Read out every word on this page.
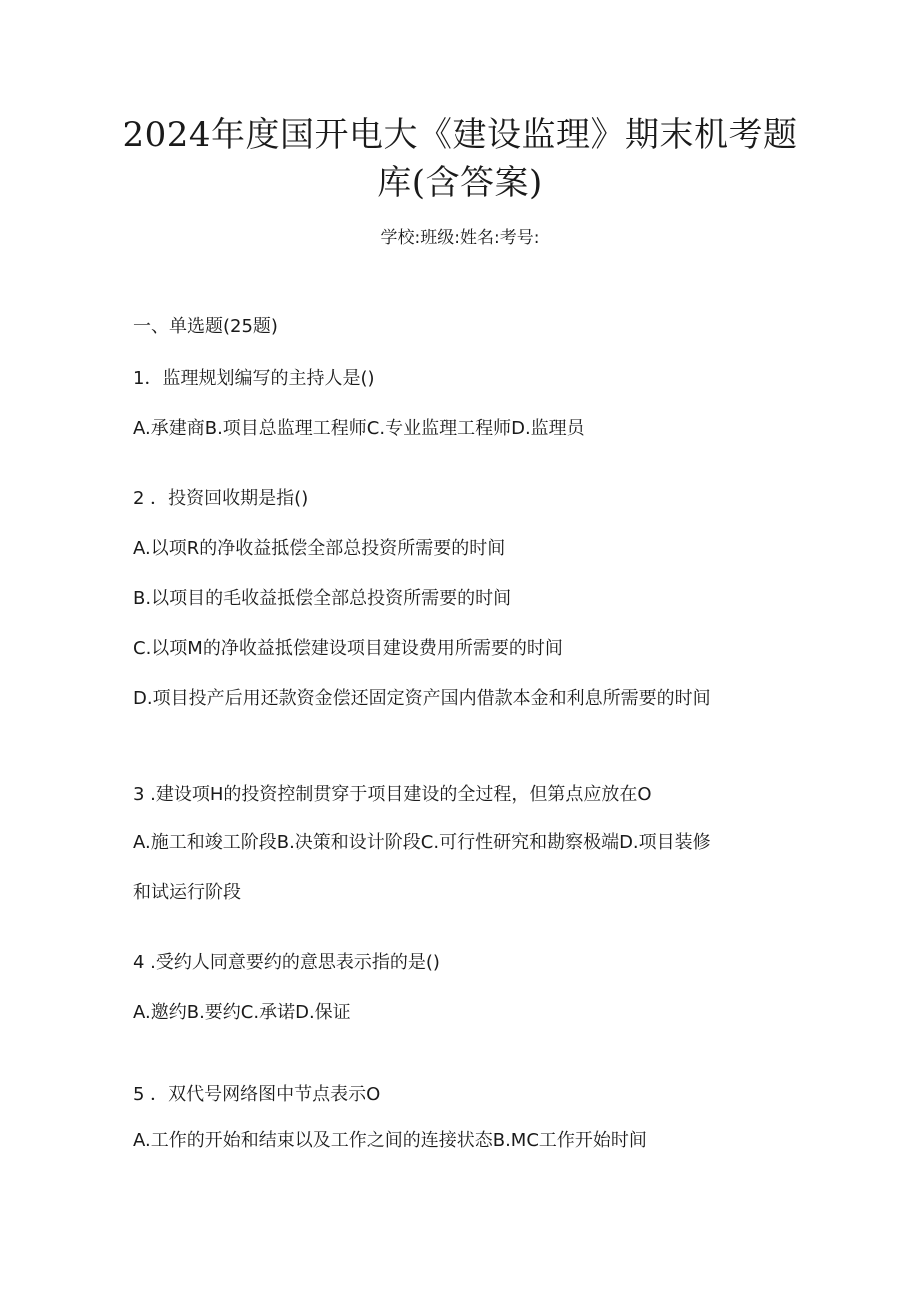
2024年度国开电大《建设监理》期末机考题
库(含答案)

学校:班级:姓名:考号:

一、单选题(25题)

1．监理规划编写的主持人是()

A.承建商B.项目总监理工程师C.专业监理工程师D.监理员

2 ．投资回收期是指()

A.以项R的净收益抵偿全部总投资所需要的时间

B.以项目的毛收益抵偿全部总投资所需要的时间

C.以项M的净收益抵偿建设项目建设费用所需要的时间

D.项目投产后用还款资金偿还固定资产国内借款本金和利息所需要的时间

3 .建设项H的投资控制贯穿于项目建设的全过程，但第点应放在O

A.施工和竣工阶段B.决策和设计阶段C.可行性研究和勘察极端D.项目装修

和试运行阶段

4 .受约人同意要约的意思表示指的是()

A.邀约B.要约C.承诺D.保证

5 ．双代号网络图中节点表示O

A.工作的开始和结束以及工作之间的连接状态B.MC工作开始时间
